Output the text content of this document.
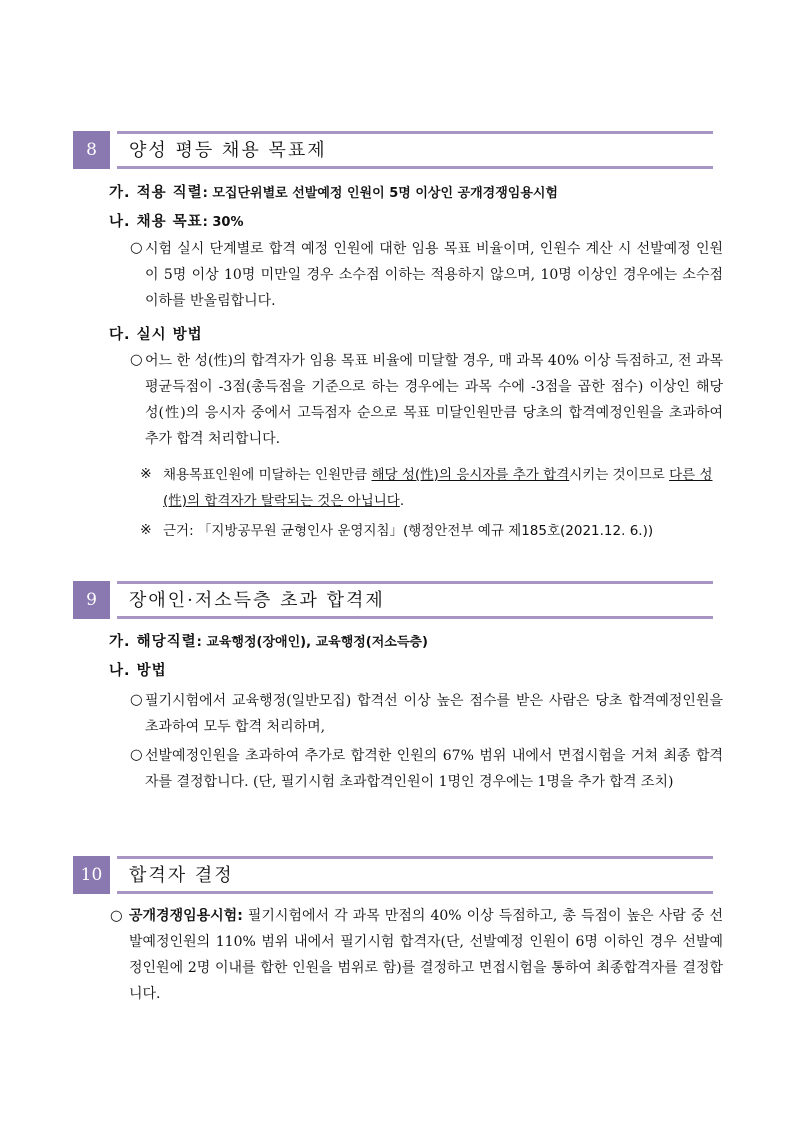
8	양성 평등 채용 목표제
가. 적용 직렬: 모집단위별로 선발예정 인원이 5명 이상인 공개경쟁임용시험
나. 채용 목표: 30%
○ 시험 실시 단계별로 합격 예정 인원에 대한 임용 목표 비율이며, 인원수 계산 시 선발예정 인원이 5명 이상 10명 미만일 경우 소수점 이하는 적용하지 않으며, 10명 이상인 경우에는 소수점 이하를 반올림합니다.
다. 실시 방법
○ 어느 한 성(性)의 합격자가 임용 목표 비율에 미달할 경우, 매 과목 40% 이상 득점하고, 전 과목 평균득점이 -3점(총득점을 기준으로 하는 경우에는 과목 수에 -3점을 곱한 점수) 이상인 해당 성(性)의 응시자 중에서 고득점자 순으로 목표 미달인원만큼 당초의 합격예정인원을 초과하여 추가 합격 처리합니다.
※ 채용목표인원에 미달하는 인원만큼 해당 성(性)의 응시자를 추가 합격시키는 것이므로 다른 성(性)의 합격자가 탈락되는 것은 아닙니다.
※ 근거: 「지방공무원 균형인사 운영지침」(행정안전부 예규 제185호(2021.12. 6.))
9	장애인·저소득층 초과 합격제
가. 해당직렬: 교육행정(장애인), 교육행정(저소득층)
나. 방법
○ 필기시험에서 교육행정(일반모집) 합격선 이상 높은 점수를 받은 사람은 당초 합격예정인원을 초과하여 모두 합격 처리하며,
○ 선발예정인원을 초과하여 추가로 합격한 인원의 67% 범위 내에서 면접시험을 거쳐 최종 합격자를 결정합니다. (단, 필기시험 초과합격인원이 1명인 경우에는 1명을 추가 합격 조치)
10	합격자 결정
○ 공개경쟁임용시험: 필기시험에서 각 과목 만점의 40% 이상 득점하고, 총 득점이 높은 사람 중 선발예정인원의 110% 범위 내에서 필기시험 합격자(단, 선발예정 인원이 6명 이하인 경우 선발예정인원에 2명 이내를 합한 인원을 범위로 함)를 결정하고 면접시험을 통하여 최종합격자를 결정합니다.
